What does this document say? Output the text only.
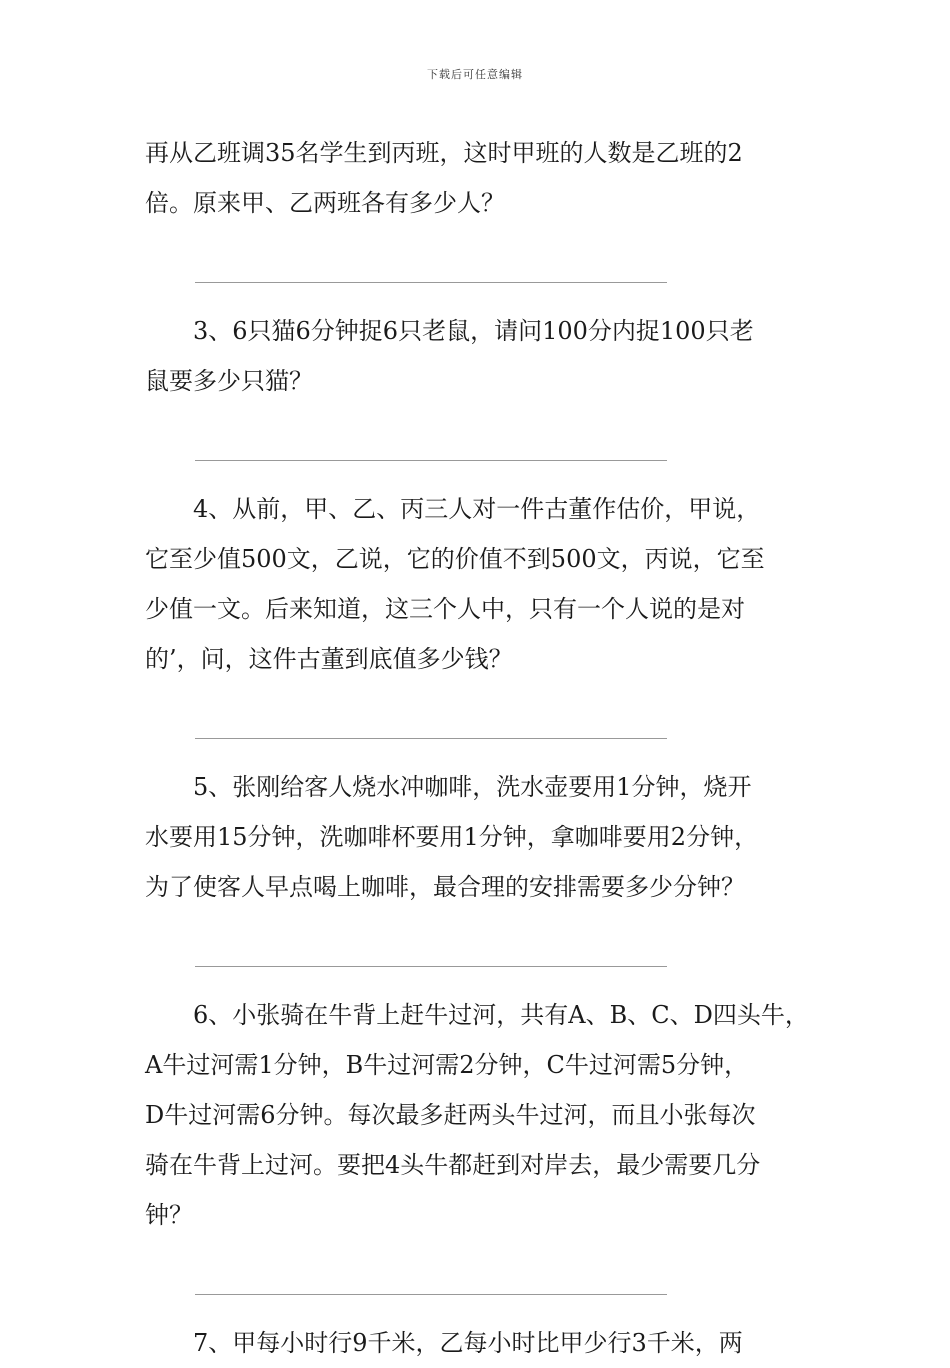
下载后可任意编辑

再从乙班调35名学生到丙班，这时甲班的人数是乙班的2
倍。原来甲、乙两班各有多少人？

3、6只猫6分钟捉6只老鼠，请问100分内捉100只老
鼠要多少只猫？

4、从前，甲、乙、丙三人对一件古董作估价，甲说，
它至少值500文，乙说，它的价值不到500文，丙说，它至
少值一文。后来知道，这三个人中，只有一个人说的是对
的’，问，这件古董到底值多少钱？

5、张刚给客人烧水冲咖啡，洗水壶要用1分钟，烧开
水要用15分钟，洗咖啡杯要用1分钟，拿咖啡要用2分钟，
为了使客人早点喝上咖啡，最合理的安排需要多少分钟？

6、小张骑在牛背上赶牛过河，共有A、B、C、D四头牛，
A牛过河需1分钟，B牛过河需2分钟，C牛过河需5分钟，
D牛过河需6分钟。每次最多赶两头牛过河，而且小张每次
骑在牛背上过河。要把4头牛都赶到对岸去，最少需要几分
钟？

7、甲每小时行9千米，乙每小时比甲少行3千米，两
